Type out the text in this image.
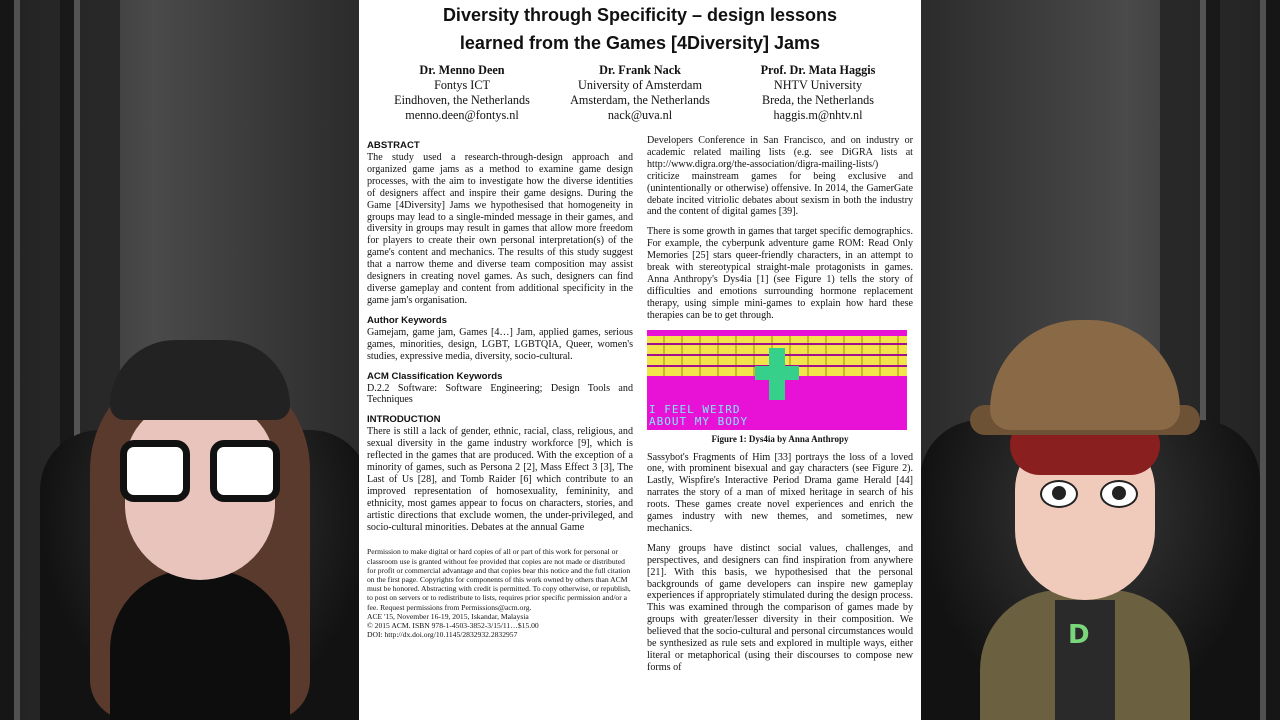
D
Diversity through Specificity – design lessons
learned from the Games [4Diversity] Jams
Dr. Menno Deen
Fontys ICT
Eindhoven, the Netherlands
menno.deen@fontys.nl
Dr. Frank Nack
University of Amsterdam
Amsterdam, the Netherlands
nack@uva.nl
Prof. Dr. Mata Haggis
NHTV University
Breda, the Netherlands
haggis.m@nhtv.nl
ABSTRACT
The study used a research-through-design approach and organized game jams as a method to examine game design processes, with the aim to investigate how the diverse identities of designers affect and inspire their game designs. During the Game [4Diversity] Jams we hypothesised that homogeneity in groups may lead to a single-minded message in their games, and diversity in groups may result in games that allow more freedom for players to create their own personal interpretation(s) of the game's content and mechanics. The results of this study suggest that a narrow theme and diverse team composition may assist designers in creating novel games. As such, designers can find diverse gameplay and content from additional specificity in the game jam's organisation.
Author Keywords
Gamejam, game jam, Games [4…] Jam, applied games, serious games, minorities, design, LGBT, LGBTQIA, Queer, women's studies, expressive media, diversity, socio-cultural.
ACM Classification Keywords
D.2.2 Software: Software Engineering; Design Tools and Techniques
INTRODUCTION
There is still a lack of gender, ethnic, racial, class, religious, and sexual diversity in the game industry workforce [9], which is reflected in the games that are produced. With the exception of a minority of games, such as Persona 2 [2], Mass Effect 3 [3], The Last of Us [28], and Tomb Raider [6] which contribute to an improved representation of homosexuality, femininity, and ethnicity, most games appear to focus on characters, stories, and artistic directions that exclude women, the under-privileged, and socio-cultural minorities. Debates at the annual Game
Permission to make digital or hard copies of all or part of this work for personal or classroom use is granted without fee provided that copies are not made or distributed for profit or commercial advantage and that copies bear this notice and the full citation on the first page. Copyrights for components of this work owned by others than ACM must be honored. Abstracting with credit is permitted. To copy otherwise, or republish, to post on servers or to redistribute to lists, requires prior specific permission and/or a fee. Request permissions from Permissions@acm.org.
ACE '15, November 16-19, 2015, Iskandar, Malaysia
© 2015 ACM. ISBN 978-1-4503-3852-3/15/11…$15.00
DOI: http://dx.doi.org/10.1145/2832932.2832957
Developers Conference in San Francisco, and on industry or academic related mailing lists (e.g. see DiGRA lists at http://www.digra.org/the-association/digra-mailing-lists/) criticize mainstream games for being exclusive and (unintentionally or otherwise) offensive. In 2014, the GamerGate debate incited vitriolic debates about sexism in both the industry and the content of digital games [39].
There is some growth in games that target specific demographics. For example, the cyberpunk adventure game ROM: Read Only Memories [25] stars queer-friendly characters, in an attempt to break with stereotypical straight-male protagonists in games. Anna Anthropy's Dys4ia [1] (see Figure 1) tells the story of difficulties and emotions surrounding hormone replacement therapy, using simple mini-games to explain how hard these therapies can be to get through.
I FEEL WEIRD
ABOUT MY BODY
Figure 1: Dys4ia by Anna Anthropy
Sassybot's Fragments of Him [33] portrays the loss of a loved one, with prominent bisexual and gay characters (see Figure 2). Lastly, Wispfire's Interactive Period Drama game Herald [44] narrates the story of a man of mixed heritage in search of his roots. These games create novel experiences and enrich the games industry with new themes, and sometimes, new mechanics.
Many groups have distinct social values, challenges, and perspectives, and designers can find inspiration from anywhere [21]. With this basis, we hypothesised that the personal backgrounds of game developers can inspire new gameplay experiences if appropriately stimulated during the design process. This was examined through the comparison of games made by groups with greater/lesser diversity in their composition. We believed that the socio-cultural and personal circumstances would be synthesized as rule sets and explored in multiple ways, either literal or metaphorical (using their discourses to compose new forms of
